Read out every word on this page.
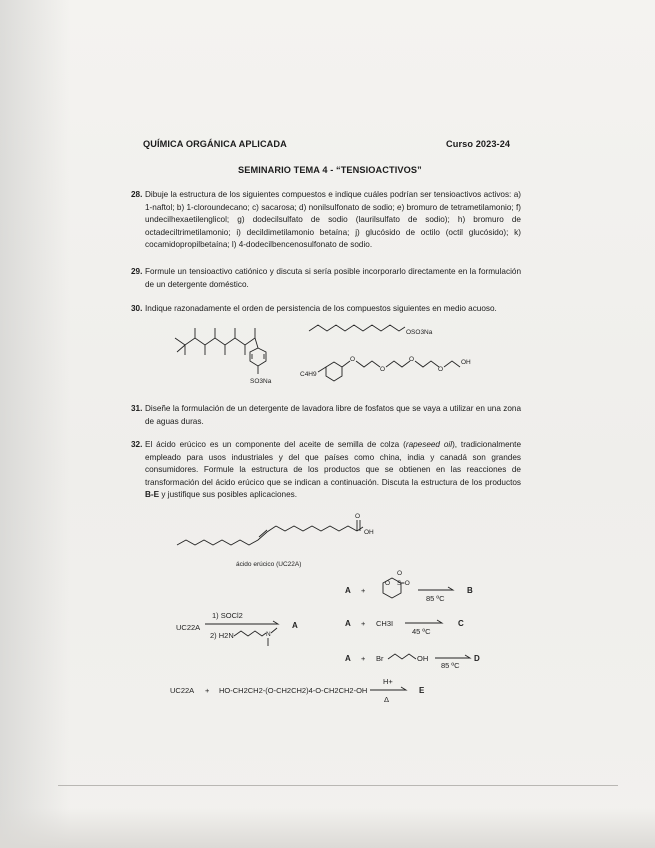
QUÍMICA ORGÁNICA APLICADA	Curso 2023-24
SEMINARIO TEMA 4 - “TENSIOACTIVOS”
28. Dibuje la estructura de los siguientes compuestos e indique cuáles podrían ser tensioactivos activos: a) 1-naftol; b) 1-cloroundecano; c) sacarosa; d) nonilsulfonato de sodio; e) bromuro de tetrametilamonio; f) undecilhexaetilenglicol; g) dodecilsulfato de sodio (laurilsulfato de sodio); h) bromuro de octadeciltrimetilamonio; i) decildimetilamonio betaína; j) glucósido de octilo (octil glucósido); k) cocamidopropilbetaína; l) 4-dodecilbencenosulfonato de sodio.
29. Formule un tensioactivo catiónico y discuta si sería posible incorporarlo directamente en la formulación de un detergente doméstico.
30. Indique razonadamente el orden de persistencia de los compuestos siguientes en medio acuoso.
31. Diseñe la formulación de un detergente de lavadora libre de fosfatos que se vaya a utilizar en una zona de aguas duras.
32. El ácido erúcico es un componente del aceite de semilla de colza (rapeseed oil), tradicionalmente empleado para usos industriales y del que países como china, india y canadá son grandes consumidores. Formule la estructura de los productos que se obtienen en las reacciones de transformación del ácido erúcico que se indican a continuación. Discuta la estructura de los productos B-E y justifique sus posibles aplicaciones.
SO3Na
OSO3Na
C4H9
O
O
O
O
OH
O
OH
ácido erúcico (UC22A)
A +
O S =O
O
85 ºC
B
UC22A
1) SOCl2
2) H2N	N
A	A + CH3I
45 ºC
C
A + Br	OH
85 ºC
D
UC22A + HO-CH2CH2-(O-CH2CH2)4-O-CH2CH2-OH
H+
Δ
E
